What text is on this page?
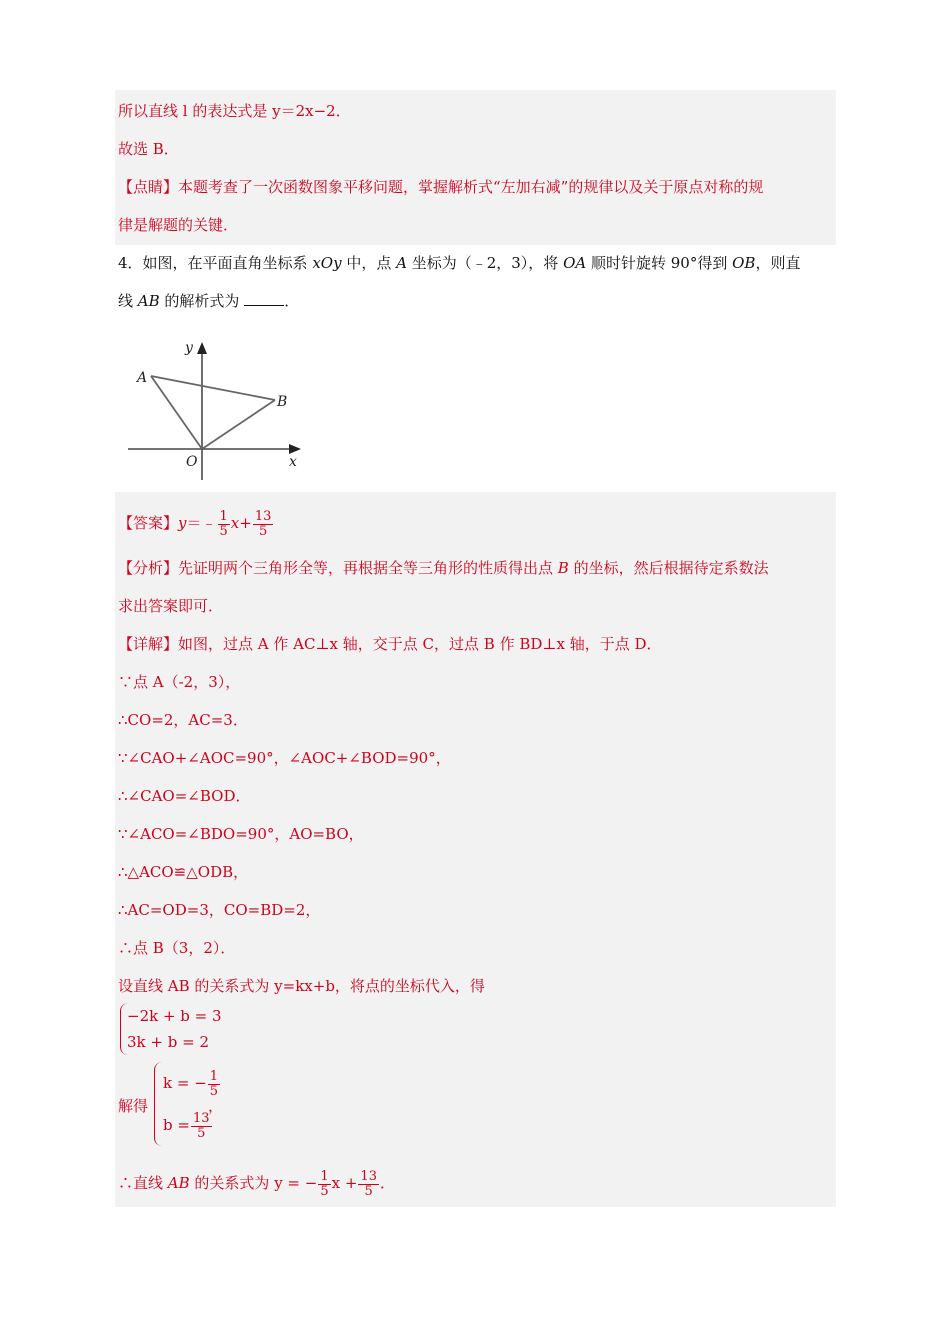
所以直线 l 的表达式是 y＝2x−2．
故选 B．
【点睛】本题考查了一次函数图象平移问题，掌握解析式“左加右减”的规律以及关于原点对称的规
律是解题的关键．
4．如图，在平面直角坐标系 xOy 中，点 A 坐标为（﹣2，3），将 OA 顺时针旋转 90°得到 OB，则直
线 AB 的解析式为	．
y
x
A
B
O
【答案】y＝﹣ $\frac{1}{5} x+ \frac{13}{5}$
【分析】先证明两个三角形全等，再根据全等三角形的性质得出点 B 的坐标，然后根据待定系数法
求出答案即可．
【详解】如图，过点 A 作 AC⊥x 轴，交于点 C，过点 B 作 BD⊥x 轴，于点 D．
∵点 A（-2，3），
∴CO=2，AC=3．
∵∠CAO+∠AOC=90°，∠AOC+∠BOD=90°，
∴∠CAO=∠BOD．
∵∠ACO=∠BDO=90°，AO=BO，
∴△ACO≌△ODB，
∴AC=OD=3，CO=BD=2，
∴点 B（3，2）．
设直线 AB 的关系式为 y=kx+b，将点的坐标代入，得
−2k + b = 3
3k + b = 2
解得
k = − $\frac{1}{5}$
$b = \frac{13}{5}$
，
∴直线 AB 的关系式为 y = − $\frac{1}{5}$ $x + \frac{13}{5}$ ．
